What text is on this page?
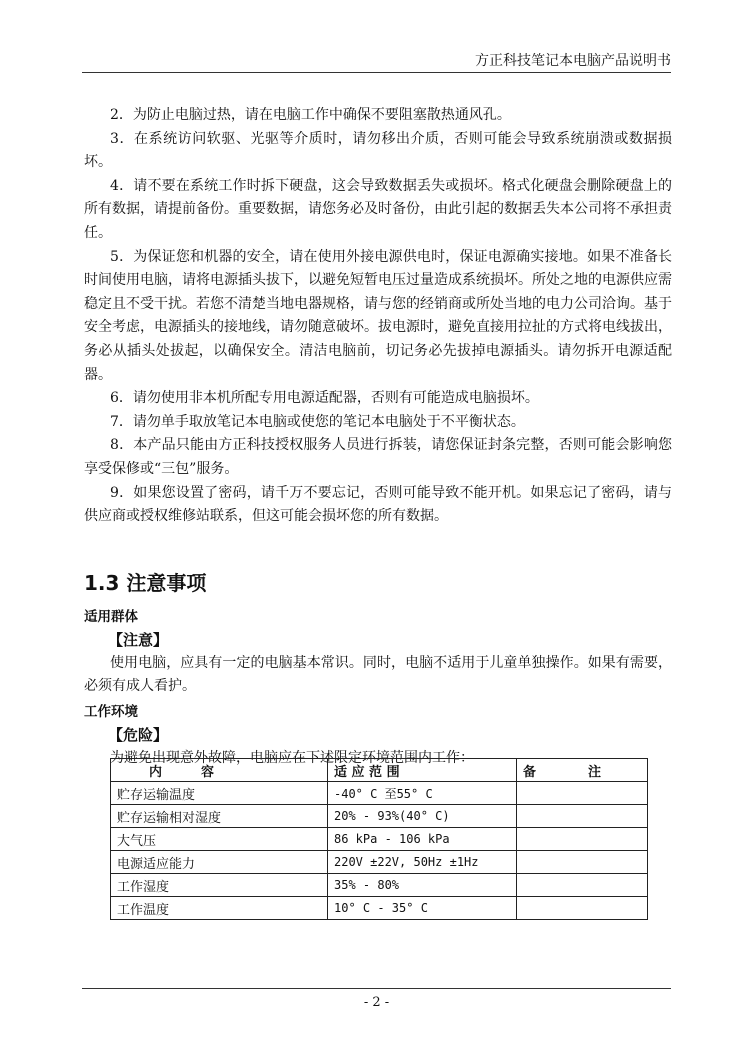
方正科技笔记本电脑产品说明书

2．为防止电脑过热，请在电脑工作中确保不要阻塞散热通风孔。

3．在系统访问软驱、光驱等介质时，请勿移出介质，否则可能会导致系统崩溃或数据损坏。

4．请不要在系统工作时拆下硬盘，这会导致数据丢失或损坏。格式化硬盘会删除硬盘上的所有数据，请提前备份。重要数据，请您务必及时备份，由此引起的数据丢失本公司将不承担责任。

5．为保证您和机器的安全，请在使用外接电源供电时，保证电源确实接地。如果不准备长时间使用电脑，请将电源插头拔下，以避免短暂电压过量造成系统损坏。所处之地的电源供应需稳定且不受干扰。若您不清楚当地电器规格，请与您的经销商或所处当地的电力公司洽询。基于安全考虑，电源插头的接地线，请勿随意破坏。拔电源时，避免直接用拉扯的方式将电线拔出，务必从插头处拔起，以确保安全。清洁电脑前，切记务必先拔掉电源插头。请勿拆开电源适配器。

6．请勿使用非本机所配专用电源适配器，否则有可能造成电脑损坏。

7．请勿单手取放笔记本电脑或使您的笔记本电脑处于不平衡状态。

8．本产品只能由方正科技授权服务人员进行拆装，请您保证封条完整，否则可能会影响您享受保修或“三包”服务。

9．如果您设置了密码，请千万不要忘记，否则可能导致不能开机。如果忘记了密码，请与供应商或授权维修站联系，但这可能会损坏您的所有数据。

1.3 注意事项
适用群体
【注意】

使用电脑，应具有一定的电脑基本常识。同时，电脑不适用于儿童单独操作。如果有需要，必须有成人看护。

工作环境
【危险】

为避免出现意外故障，电脑应在下述限定环境范围内工作：

内　　　容	适 应 范 围	备　　　　注
贮存运输温度	-40° C 至55° C	
贮存运输相对湿度	20% - 93%(40° C)	
大气压	86 kPa - 106 kPa	
电源适应能力	220V ±22V, 50Hz ±1Hz	
工作湿度	35% - 80%	
工作温度	10° C - 35° C	
- 2 -
